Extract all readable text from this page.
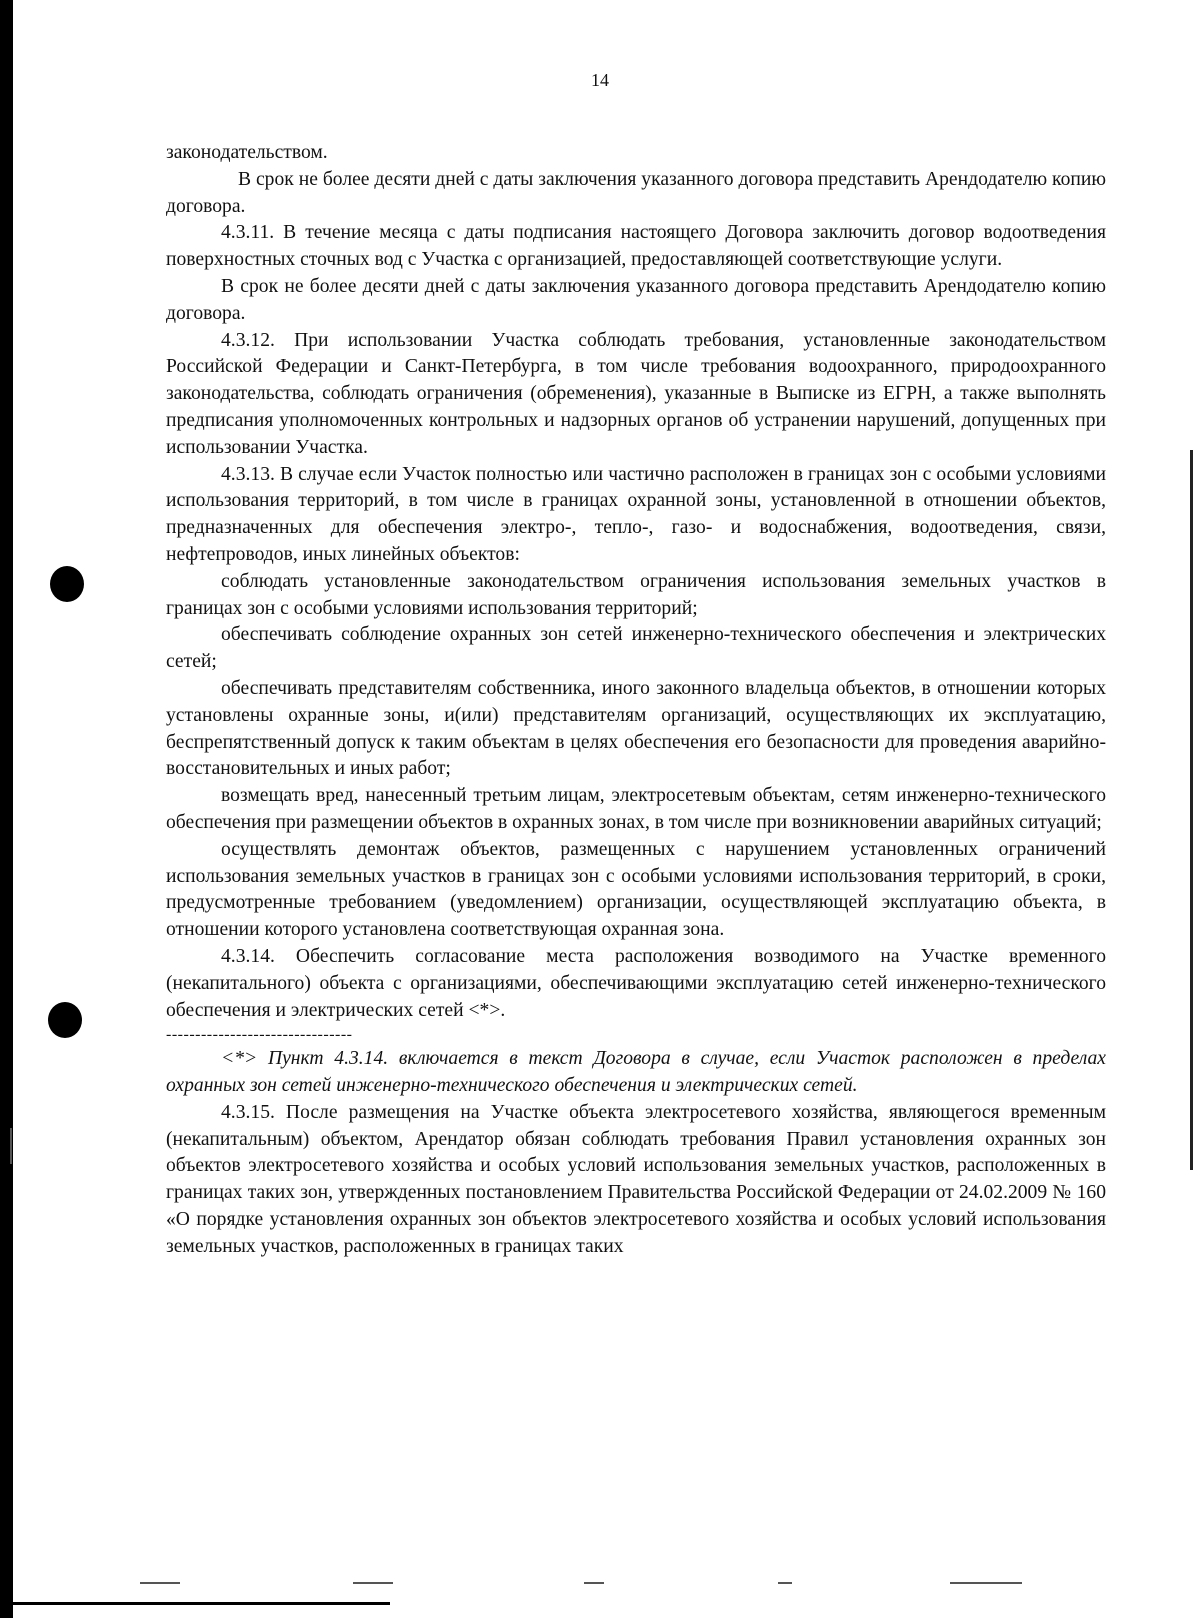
14

законодательством.

В срок не более десяти дней с даты заключения указанного договора представить Арендодателю копию договора.

4.3.11. В течение месяца с даты подписания настоящего Договора заключить договор водоотведения поверхностных сточных вод с Участка с организацией, предоставляющей соответствующие услуги.

В срок не более десяти дней с даты заключения указанного договора представить Арендодателю копию договора.

4.3.12. При использовании Участка соблюдать требования, установленные законодательством Российской Федерации и Санкт-Петербурга, в том числе требования водоохранного, природоохранного законодательства, соблюдать ограничения (обременения), указанные в Выписке из ЕГРН, а также выполнять предписания уполномоченных контрольных и надзорных органов об устранении нарушений, допущенных при использовании Участка.

4.3.13. В случае если Участок полностью или частично расположен в границах зон с особыми условиями использования территорий, в том числе в границах охранной зоны, установленной в отношении объектов, предназначенных для обеспечения электро-, тепло-, газо- и водоснабжения, водоотведения, связи, нефтепроводов, иных линейных объектов:

соблюдать установленные законодательством ограничения использования земельных участков в границах зон с особыми условиями использования территорий;

обеспечивать соблюдение охранных зон сетей инженерно-технического обеспечения и электрических сетей;

обеспечивать представителям собственника, иного законного владельца объектов, в отношении которых установлены охранные зоны, и(или) представителям организаций, осуществляющих их эксплуатацию, беспрепятственный допуск к таким объектам в целях обеспечения его безопасности для проведения аварийно-восстановительных и иных работ;

возмещать вред, нанесенный третьим лицам, электросетевым объектам, сетям инженерно-технического обеспечения при размещении объектов в охранных зонах, в том числе при возникновении аварийных ситуаций;

осуществлять демонтаж объектов, размещенных с нарушением установленных ограничений использования земельных участков в границах зон с особыми условиями использования территорий, в сроки, предусмотренные требованием (уведомлением) организации, осуществляющей эксплуатацию объекта, в отношении которого установлена соответствующая охранная зона.

4.3.14. Обеспечить согласование места расположения возводимого на Участке временного (некапитального) объекта с организациями, обеспечивающими эксплуатацию сетей инженерно-технического обеспечения и электрических сетей <*>.

--------------------------------

<*> Пункт 4.3.14. включается в текст Договора в случае, если Участок расположен в пределах охранных зон сетей инженерно-технического обеспечения и электрических сетей.

4.3.15. После размещения на Участке объекта электросетевого хозяйства, являющегося временным (некапитальным) объектом, Арендатор обязан соблюдать требования Правил установления охранных зон объектов электросетевого хозяйства и особых условий использования земельных участков, расположенных в границах таких зон, утвержденных постановлением Правительства Российской Федерации от 24.02.2009 № 160 «О порядке установления охранных зон объектов электросетевого хозяйства и особых условий использования земельных участков, расположенных в границах таких
